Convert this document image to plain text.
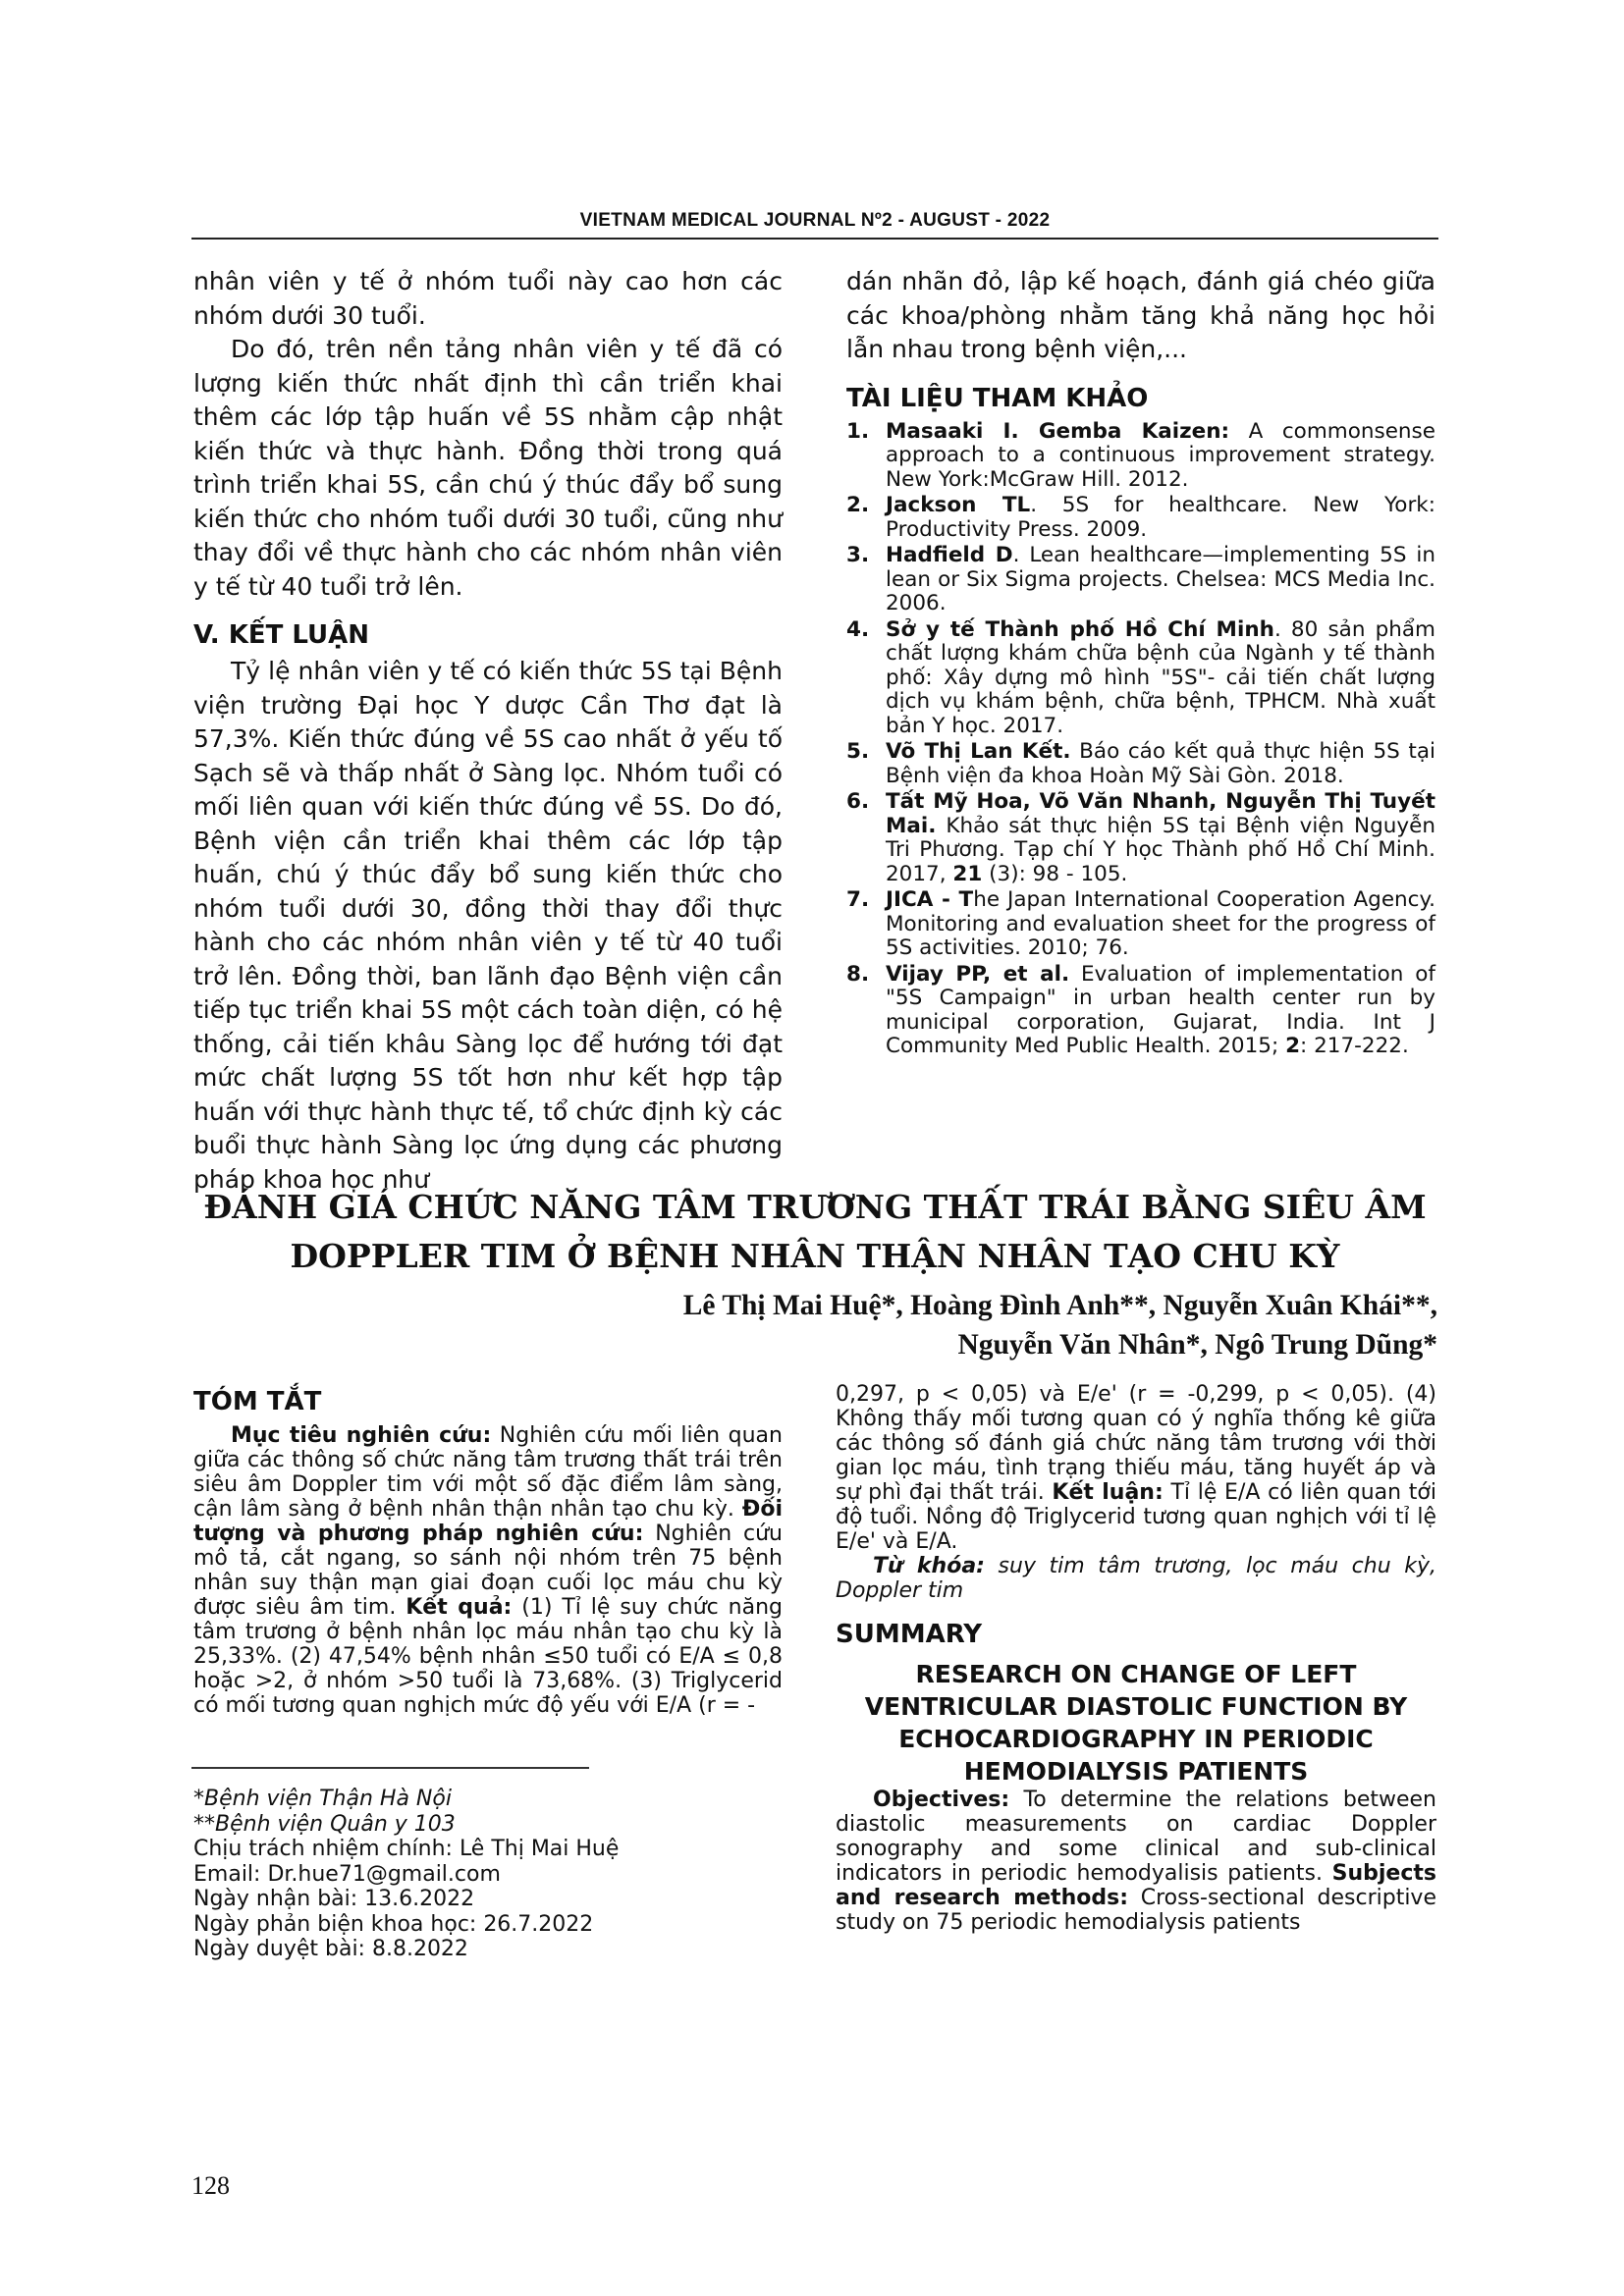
VIETNAM MEDICAL JOURNAL Nº2 - AUGUST - 2022

nhân viên y tế ở nhóm tuổi này cao hơn các nhóm dưới 30 tuổi.

Do đó, trên nền tảng nhân viên y tế đã có lượng kiến thức nhất định thì cần triển khai thêm các lớp tập huấn về 5S nhằm cập nhật kiến thức và thực hành. Đồng thời trong quá trình triển khai 5S, cần chú ý thúc đẩy bổ sung kiến thức cho nhóm tuổi dưới 30 tuổi, cũng như thay đổi về thực hành cho các nhóm nhân viên y tế từ 40 tuổi trở lên.

V. KẾT LUẬN

Tỷ lệ nhân viên y tế có kiến thức 5S tại Bệnh viện trường Đại học Y dược Cần Thơ đạt là 57,3%. Kiến thức đúng về 5S cao nhất ở yếu tố Sạch sẽ và thấp nhất ở Sàng lọc. Nhóm tuổi có mối liên quan với kiến thức đúng về 5S. Do đó, Bệnh viện cần triển khai thêm các lớp tập huấn, chú ý thúc đẩy bổ sung kiến thức cho nhóm tuổi dưới 30, đồng thời thay đổi thực hành cho các nhóm nhân viên y tế từ 40 tuổi trở lên. Đồng thời, ban lãnh đạo Bệnh viện cần tiếp tục triển khai 5S một cách toàn diện, có hệ thống, cải tiến khâu Sàng lọc để hướng tới đạt mức chất lượng 5S tốt hơn như kết hợp tập huấn với thực hành thực tế, tổ chức định kỳ các buổi thực hành Sàng lọc ứng dụng các phương pháp khoa học như

dán nhãn đỏ, lập kế hoạch, đánh giá chéo giữa các khoa/phòng nhằm tăng khả năng học hỏi lẫn nhau trong bệnh viện,...

TÀI LIỆU THAM KHẢO
1. Masaaki I. Gemba Kaizen: A commonsense approach to a continuous improvement strategy. New York:McGraw Hill. 2012.
2. Jackson TL. 5S for healthcare. New York: Productivity Press. 2009.
3. Hadfield D. Lean healthcare—implementing 5S in lean or Six Sigma projects. Chelsea: MCS Media Inc. 2006.
4. Sở y tế Thành phố Hồ Chí Minh. 80 sản phẩm chất lượng khám chữa bệnh của Ngành y tế thành phố: Xây dựng mô hình "5S"- cải tiến chất lượng dịch vụ khám bệnh, chữa bệnh, TPHCM. Nhà xuất bản Y học. 2017.
5. Võ Thị Lan Kết. Báo cáo kết quả thực hiện 5S tại Bệnh viện đa khoa Hoàn Mỹ Sài Gòn. 2018.
6. Tất Mỹ Hoa, Võ Văn Nhanh, Nguyễn Thị Tuyết Mai. Khảo sát thực hiện 5S tại Bệnh viện Nguyễn Tri Phương. Tạp chí Y học Thành phố Hồ Chí Minh. 2017, 21 (3): 98 - 105.
7. JICA - The Japan International Cooperation Agency. Monitoring and evaluation sheet for the progress of 5S activities. 2010; 76.
8. Vijay PP, et al. Evaluation of implementation of "5S Campaign" in urban health center run by municipal corporation, Gujarat, India. Int J Community Med Public Health. 2015; 2: 217-222.
ĐÁNH GIÁ CHỨC NĂNG TÂM TRƯƠNG THẤT TRÁI BẰNG SIÊU ÂM
DOPPLER TIM Ở BỆNH NHÂN THẬN NHÂN TẠO CHU KỲ
Lê Thị Mai Huệ*, Hoàng Đình Anh**, Nguyễn Xuân Khái**,
Nguyễn Văn Nhân*, Ngô Trung Dũng*
TÓM TẮT

Mục tiêu nghiên cứu: Nghiên cứu mối liên quan giữa các thông số chức năng tâm trương thất trái trên siêu âm Doppler tim với một số đặc điểm lâm sàng, cận lâm sàng ở bệnh nhân thận nhân tạo chu kỳ. Đối tượng và phương pháp nghiên cứu: Nghiên cứu mô tả, cắt ngang, so sánh nội nhóm trên 75 bệnh nhân suy thận mạn giai đoạn cuối lọc máu chu kỳ được siêu âm tim. Kết quả: (1) Tỉ lệ suy chức năng tâm trương ở bệnh nhân lọc máu nhân tạo chu kỳ là 25,33%. (2) 47,54% bệnh nhân ≤50 tuổi có E/A ≤ 0,8 hoặc >2, ở nhóm >50 tuổi là 73,68%. (3) Triglycerid có mối tương quan nghịch mức độ yếu với E/A (r = -

*Bệnh viện Thận Hà Nội
**Bệnh viện Quân y 103
Chịu trách nhiệm chính: Lê Thị Mai Huệ
Email: Dr.hue71@gmail.com
Ngày nhận bài: 13.6.2022
Ngày phản biện khoa học: 26.7.2022
Ngày duyệt bài: 8.8.2022

0,297, p < 0,05) và E/e' (r = -0,299, p < 0,05). (4) Không thấy mối tương quan có ý nghĩa thống kê giữa các thông số đánh giá chức năng tâm trương với thời gian lọc máu, tình trạng thiếu máu, tăng huyết áp và sự phì đại thất trái. Kết luận: Tỉ lệ E/A có liên quan tới độ tuổi. Nồng độ Triglycerid tương quan nghịch với tỉ lệ E/e' và E/A.

Từ khóa: suy tim tâm trương, lọc máu chu kỳ, Doppler tim

SUMMARY
RESEARCH ON CHANGE OF LEFT VENTRICULAR DIASTOLIC FUNCTION BY ECHOCARDIOGRAPHY IN PERIODIC HEMODIALYSIS PATIENTS

Objectives: To determine the relations between diastolic measurements on cardiac Doppler sonography and some clinical and sub-clinical indicators in periodic hemodyalisis patients. Subjects and research methods: Cross-sectional descriptive study on 75 periodic hemodialysis patients

128
